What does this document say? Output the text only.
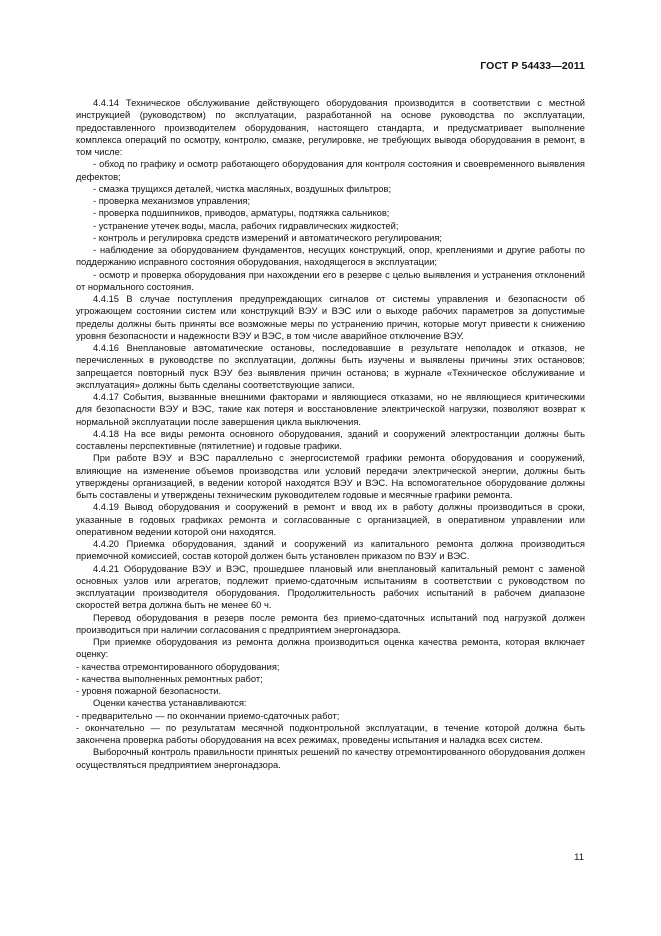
ГОСТ Р 54433—2011

4.4.14 Техническое обслуживание действующего оборудования производится в соответствии с местной инструкцией (руководством) по эксплуатации, разработанной на основе руководства по эксплуатации, предоставленного производителем оборудования, настоящего стандарта, и предусматривает выполнение комплекса операций по осмотру, контролю, смазке, регулировке, не требующих вывода оборудования в ремонт, в том числе:

- обход по графику и осмотр работающего оборудования для контроля состояния и своевременного выявления дефектов;

- смазка трущихся деталей, чистка масляных, воздушных фильтров;

- проверка механизмов управления;

- проверка подшипников, приводов, арматуры, подтяжка сальников;

- устранение утечек воды, масла, рабочих гидравлических жидкостей;

- контроль и регулировка средств измерений и автоматического регулирования;

- наблюдение за оборудованием фундаментов, несущих конструкций, опор, креплениями и другие работы по поддержанию исправного состояния оборудования, находящегося в эксплуатации;

- осмотр и проверка оборудования при нахождении его в резерве с целью выявления и устранения отклонений от нормального состояния.

4.4.15 В случае поступления предупреждающих сигналов от системы управления и безопасности об угрожающем состоянии систем или конструкций ВЭУ и ВЭС или о выходе рабочих параметров за допустимые пределы должны быть приняты все возможные меры по устранению причин, которые могут привести к снижению уровня безопасности и надежности ВЭУ и ВЭС, в том числе аварийное отключение ВЭУ.

4.4.16 Внеплановые автоматические остановы, последовавшие в результате неполадок и отказов, не перечисленных в руководстве по эксплуатации, должны быть изучены и выявлены причины этих остановов; запрещается повторный пуск ВЭУ без выявления причин останова; в журнале «Техническое обслуживание и эксплуатация» должны быть сделаны соответствующие записи.

4.4.17 События, вызванные внешними факторами и являющиеся отказами, но не являющиеся критическими для безопасности ВЭУ и ВЭС, такие как потеря и восстановление электрической нагрузки, позволяют возврат к нормальной эксплуатации после завершения цикла выключения.

4.4.18 На все виды ремонта основного оборудования, зданий и сооружений электростанции должны быть составлены перспективные (пятилетние) и годовые графики.

При работе ВЭУ и ВЭС параллельно с энергосистемой графики ремонта оборудования и сооружений, влияющие на изменение объемов производства или условий передачи электрической энергии, должны быть утверждены организацией, в ведении которой находятся ВЭУ и ВЭС. На вспомогательное оборудование должны быть составлены и утверждены техническим руководителем годовые и месячные графики ремонта.

4.4.19 Вывод оборудования и сооружений в ремонт и ввод их в работу должны производиться в сроки, указанные в годовых графиках ремонта и согласованные с организацией, в оперативном управлении или оперативном ведении которой они находятся.

4.4.20 Приемка оборудования, зданий и сооружений из капитального ремонта должна производиться приемочной комиссией, состав которой должен быть установлен приказом по ВЭУ и ВЭС.

4.4.21 Оборудование ВЭУ и ВЭС, прошедшее плановый или внеплановый капитальный ремонт с заменой основных узлов или агрегатов, подлежит приемо-сдаточным испытаниям в соответствии с руководством по эксплуатации производителя оборудования. Продолжительность рабочих испытаний в рабочем диапазоне скоростей ветра должна быть не менее 60 ч.

Перевод оборудования в резерв после ремонта без приемо-сдаточных испытаний под нагрузкой должен производиться при наличии согласования с предприятием энергонадзора.

При приемке оборудования из ремонта должна производиться оценка качества ремонта, которая включает оценку:

- качества отремонтированного оборудования;

- качества выполненных ремонтных работ;

- уровня пожарной безопасности.

Оценки качества устанавливаются:

- предварительно — по окончании приемо-сдаточных работ;

- окончательно — по результатам месячной подконтрольной эксплуатации, в течение которой должна быть закончена проверка работы оборудования на всех режимах, проведены испытания и наладка всех систем.

Выборочный контроль правильности принятых решений по качеству отремонтированного оборудования должен осуществляться предприятием энергонадзора.

11
